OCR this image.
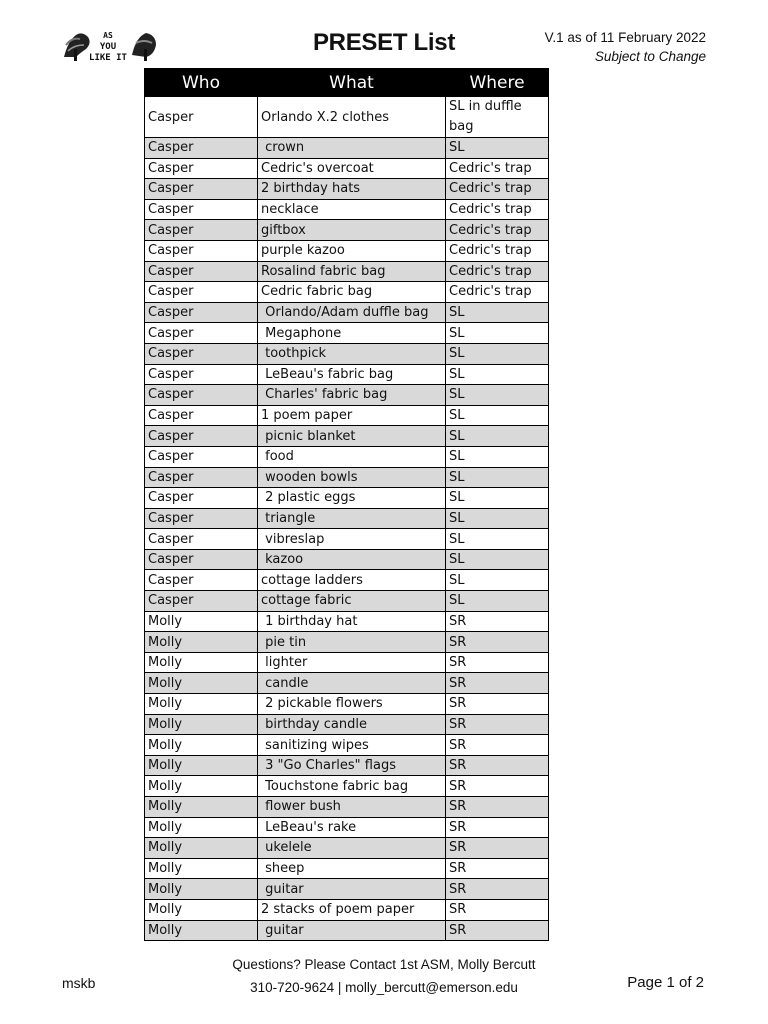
AS
YOU
LIKE IT
PRESET List	V.1 as of 11 February 2022
Subject to Change
Who	What	Where
Casper	Orlando X.2 clothes	SL in duffle bag
Casper	crown	SL
Casper	Cedric's overcoat	Cedric's trap
Casper	2 birthday hats	Cedric's trap
Casper	necklace	Cedric's trap
Casper	giftbox	Cedric's trap
Casper	purple kazoo	Cedric's trap
Casper	Rosalind fabric bag	Cedric's trap
Casper	Cedric fabric bag	Cedric's trap
Casper	Orlando/Adam duffle bag	SL
Casper	Megaphone	SL
Casper	toothpick	SL
Casper	LeBeau's fabric bag	SL
Casper	Charles' fabric bag	SL
Casper	1 poem paper	SL
Casper	picnic blanket	SL
Casper	food	SL
Casper	wooden bowls	SL
Casper	2 plastic eggs	SL
Casper	triangle	SL
Casper	vibreslap	SL
Casper	kazoo	SL
Casper	cottage ladders	SL
Casper	cottage fabric	SL
Molly	1 birthday hat	SR
Molly	pie tin	SR
Molly	lighter	SR
Molly	candle	SR
Molly	2 pickable flowers	SR
Molly	birthday candle	SR
Molly	sanitizing wipes	SR
Molly	3 "Go Charles" flags	SR
Molly	Touchstone fabric bag	SR
Molly	flower bush	SR
Molly	LeBeau's rake	SR
Molly	ukelele	SR
Molly	sheep	SR
Molly	guitar	SR
Molly	2 stacks of poem paper	SR
Molly	guitar	SR
Questions? Please Contact 1st ASM, Molly Bercutt
310-720-9624 | molly_bercutt@emerson.edu
mskb	Page 1 of 2
